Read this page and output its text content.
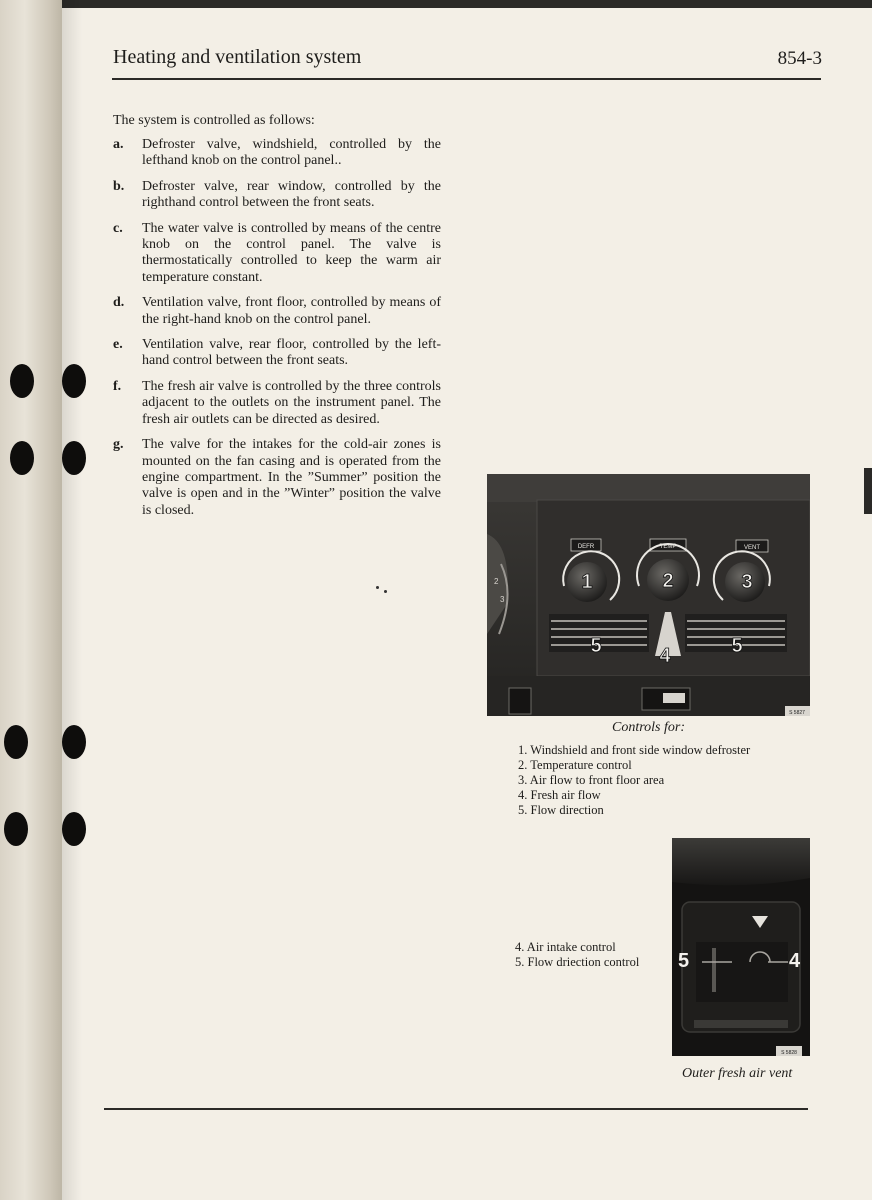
Heating and ventilation system	854-3
The system is controlled as follows:
a.	Defroster valve, windshield, controlled by the lefthand knob on the control panel..
b.	Defroster valve, rear window, controlled by the righthand control between the front seats.
c.	The water valve is controlled by means of the centre knob on the control panel. The valve is thermostatically controlled to keep the warm air temperature constant.
d.	Ventilation valve, front floor, controlled by means of the right-hand knob on the control panel.
e.	Ventilation valve, rear floor, controlled by the left-hand control between the front seats.
f.	The fresh air valve is controlled by the three controls adjacent to the outlets on the instrument panel. The fresh air outlets can be directed as desired.
g.	The valve for the intakes for the cold-air zones is mounted on the fan casing and is operated from the engine compartment. In the ”Summer” position the valve is open and in the ”Winter” position the valve is closed.
2
3
DEFR	TEMP	VENT
1	2	3
4
5	5
S 5827
Controls for:
1. Windshield and front side window defroster
2. Temperature control
3. Air flow to front floor area
4. Fresh air flow
5. Flow direction
5	4
S 5828
4. Air intake control
5. Flow driection control
Outer fresh air vent
